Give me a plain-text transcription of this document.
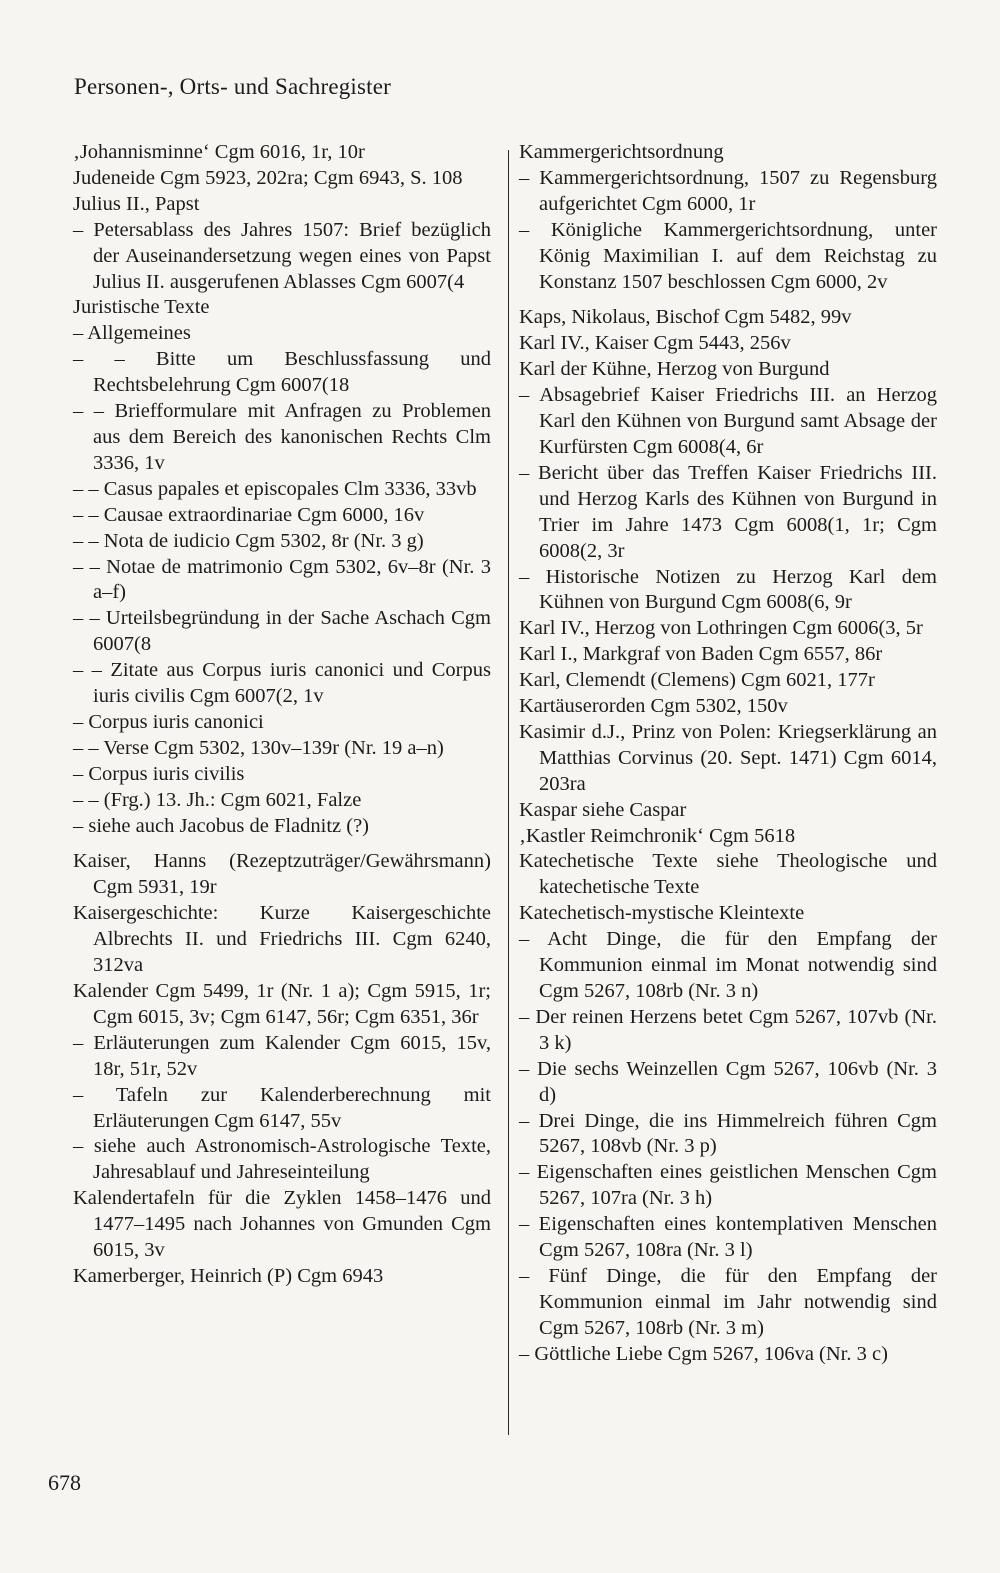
Personen-, Orts- und Sachregister
‚Johannisminne‘ Cgm 6016, 1r, 10r
Judeneide Cgm 5923, 202ra; Cgm 6943, S. 108
Julius II., Papst
– Petersablass des Jahres 1507: Brief bezüglich der Auseinandersetzung wegen eines von Papst Julius II. ausgerufenen Ablasses Cgm 6007(4
Juristische Texte
– Allgemeines
– – Bitte um Beschlussfassung und Rechtsbelehrung Cgm 6007(18
– – Briefformulare mit Anfragen zu Problemen aus dem Bereich des kanonischen Rechts Clm 3336, 1v
– – Casus papales et episcopales Clm 3336, 33vb
– – Causae extraordinariae Cgm 6000, 16v
– – Nota de iudicio Cgm 5302, 8r (Nr. 3 g)
– – Notae de matrimonio Cgm 5302, 6v–8r (Nr. 3 a–f)
– – Urteilsbegründung in der Sache Aschach Cgm 6007(8
– – Zitate aus Corpus iuris canonici und Corpus iuris civilis Cgm 6007(2, 1v
– Corpus iuris canonici
– – Verse Cgm 5302, 130v–139r (Nr. 19 a–n)
– Corpus iuris civilis
– – (Frg.) 13. Jh.: Cgm 6021, Falze
– siehe auch Jacobus de Fladnitz (?)
Kaiser, Hanns (Rezeptzuträger/Gewährsmann) Cgm 5931, 19r
Kaisergeschichte: Kurze Kaisergeschichte Albrechts II. und Friedrichs III. Cgm 6240, 312va
Kalender Cgm 5499, 1r (Nr. 1 a); Cgm 5915, 1r; Cgm 6015, 3v; Cgm 6147, 56r; Cgm 6351, 36r
– Erläuterungen zum Kalender Cgm 6015, 15v, 18r, 51r, 52v
– Tafeln zur Kalenderberechnung mit Erläuterungen Cgm 6147, 55v
– siehe auch Astronomisch-Astrologische Texte, Jahresablauf und Jahreseinteilung
Kalendertafeln für die Zyklen 1458–1476 und 1477–1495 nach Johannes von Gmunden Cgm 6015, 3v
Kamerberger, Heinrich (P) Cgm 6943
Kammergerichtsordnung
– Kammergerichtsordnung, 1507 zu Regensburg aufgerichtet Cgm 6000, 1r
– Königliche Kammergerichtsordnung, unter König Maximilian I. auf dem Reichstag zu Konstanz 1507 beschlossen Cgm 6000, 2v
Kaps, Nikolaus, Bischof Cgm 5482, 99v
Karl IV., Kaiser Cgm 5443, 256v
Karl der Kühne, Herzog von Burgund
– Absagebrief Kaiser Friedrichs III. an Herzog Karl den Kühnen von Burgund samt Absage der Kurfürsten Cgm 6008(4, 6r
– Bericht über das Treffen Kaiser Friedrichs III. und Herzog Karls des Kühnen von Burgund in Trier im Jahre 1473 Cgm 6008(1, 1r; Cgm 6008(2, 3r
– Historische Notizen zu Herzog Karl dem Kühnen von Burgund Cgm 6008(6, 9r
Karl IV., Herzog von Lothringen Cgm 6006(3, 5r
Karl I., Markgraf von Baden Cgm 6557, 86r
Karl, Clemendt (Clemens) Cgm 6021, 177r
Kartäuserorden Cgm 5302, 150v
Kasimir d.J., Prinz von Polen: Kriegserklärung an Matthias Corvinus (20. Sept. 1471) Cgm 6014, 203ra
Kaspar siehe Caspar
‚Kastler Reimchronik‘ Cgm 5618
Katechetische Texte siehe Theologische und katechetische Texte
Katechetisch-mystische Kleintexte
– Acht Dinge, die für den Empfang der Kommunion einmal im Monat notwendig sind Cgm 5267, 108rb (Nr. 3 n)
– Der reinen Herzens betet Cgm 5267, 107vb (Nr. 3 k)
– Die sechs Weinzellen Cgm 5267, 106vb (Nr. 3 d)
– Drei Dinge, die ins Himmelreich führen Cgm 5267, 108vb (Nr. 3 p)
– Eigenschaften eines geistlichen Menschen Cgm 5267, 107ra (Nr. 3 h)
– Eigenschaften eines kontemplativen Menschen Cgm 5267, 108ra (Nr. 3 l)
– Fünf Dinge, die für den Empfang der Kommunion einmal im Jahr notwendig sind Cgm 5267, 108rb (Nr. 3 m)
– Göttliche Liebe Cgm 5267, 106va (Nr. 3 c)
678
